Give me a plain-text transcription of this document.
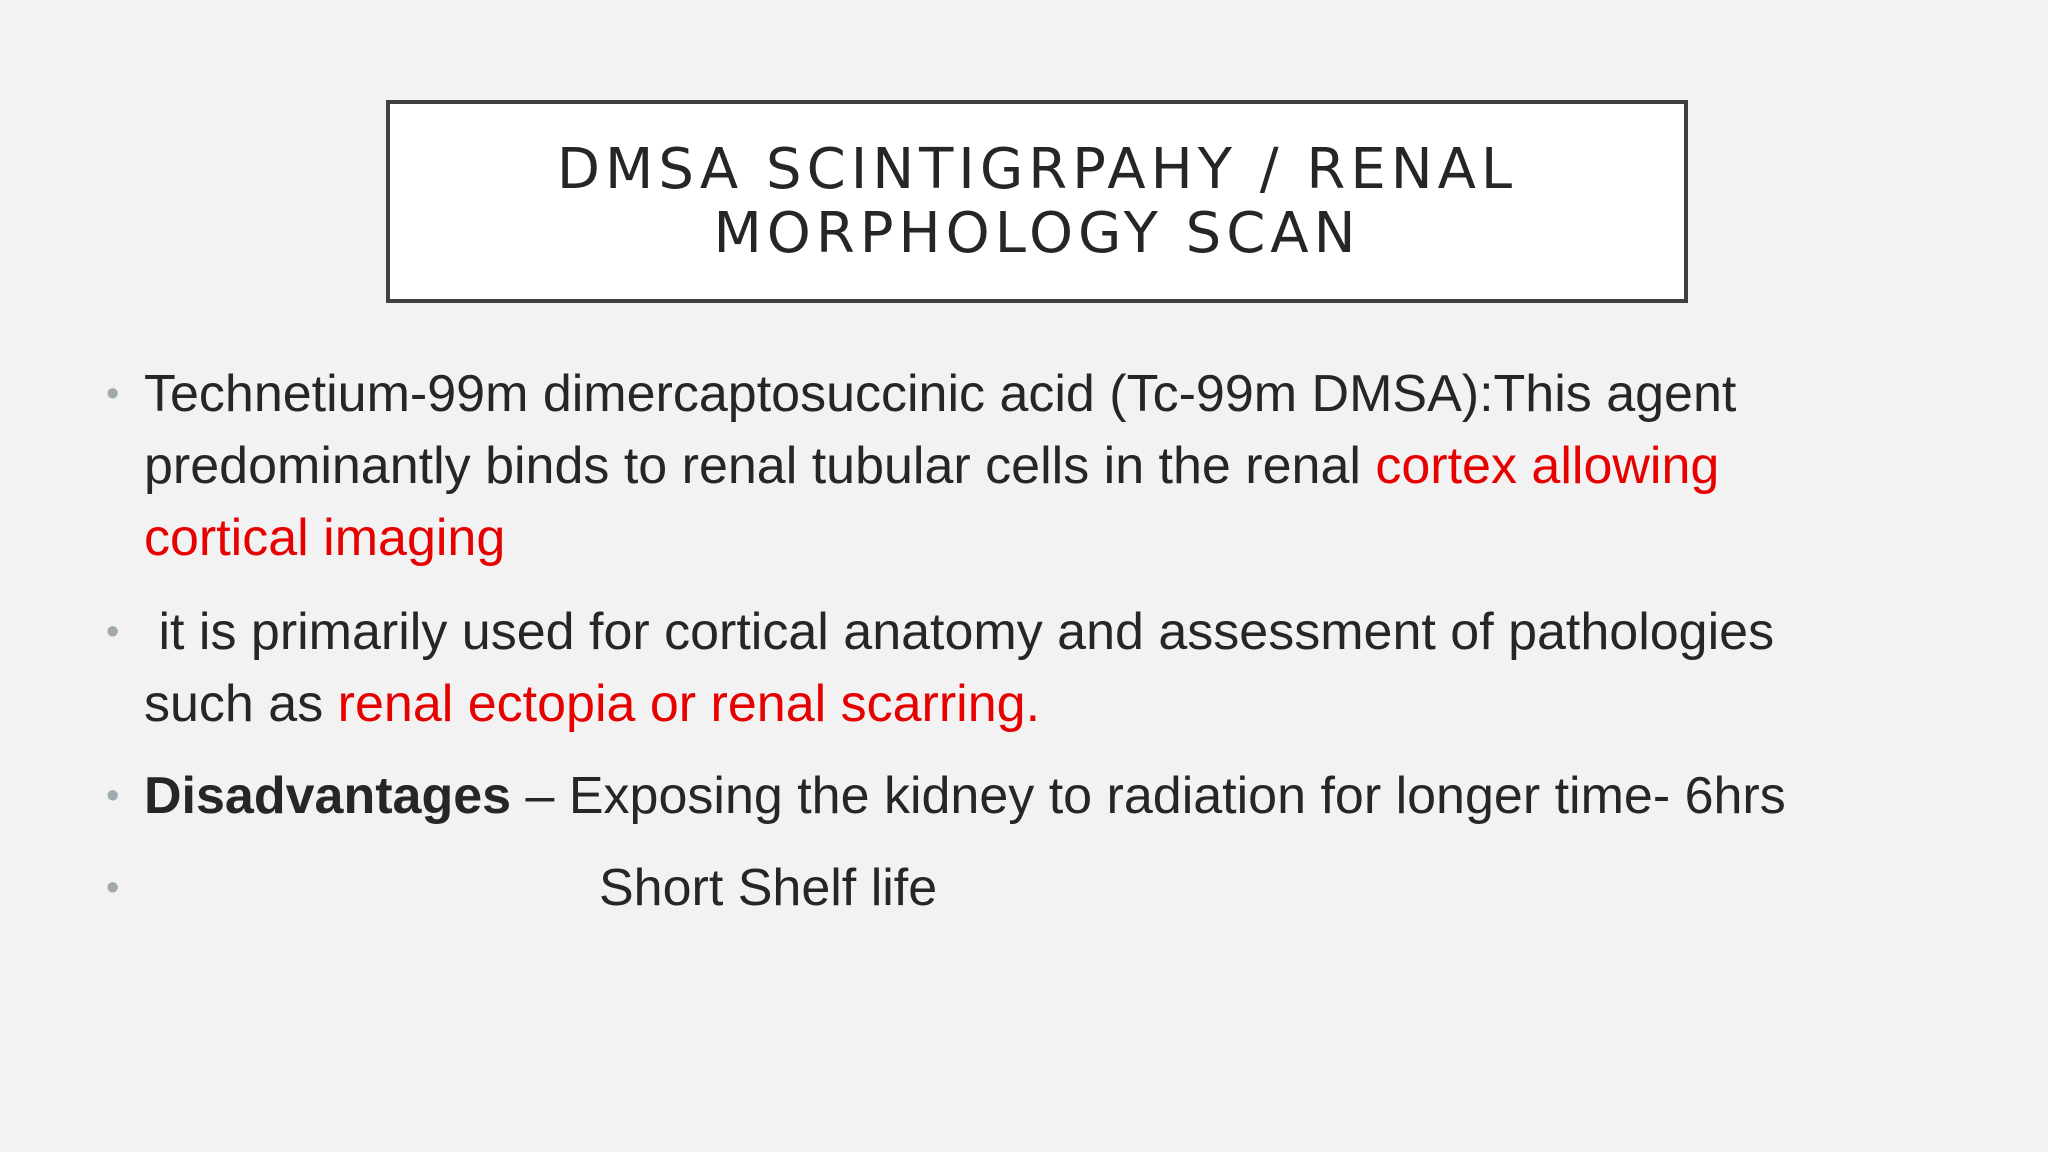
DMSA SCINTIGRPAHY / RENAL
MORPHOLOGY SCAN
• Technetium-99m dimercaptosuccinic acid (Tc-99m DMSA):This agent
predominantly binds to renal tubular cells in the renal cortex allowing
cortical imaging
• it is primarily used for cortical anatomy and assessment of pathologies
such as renal ectopia or renal scarring.
• Disadvantages – Exposing the kidney to radiation for longer time- 6hrs
•	Short Shelf life
